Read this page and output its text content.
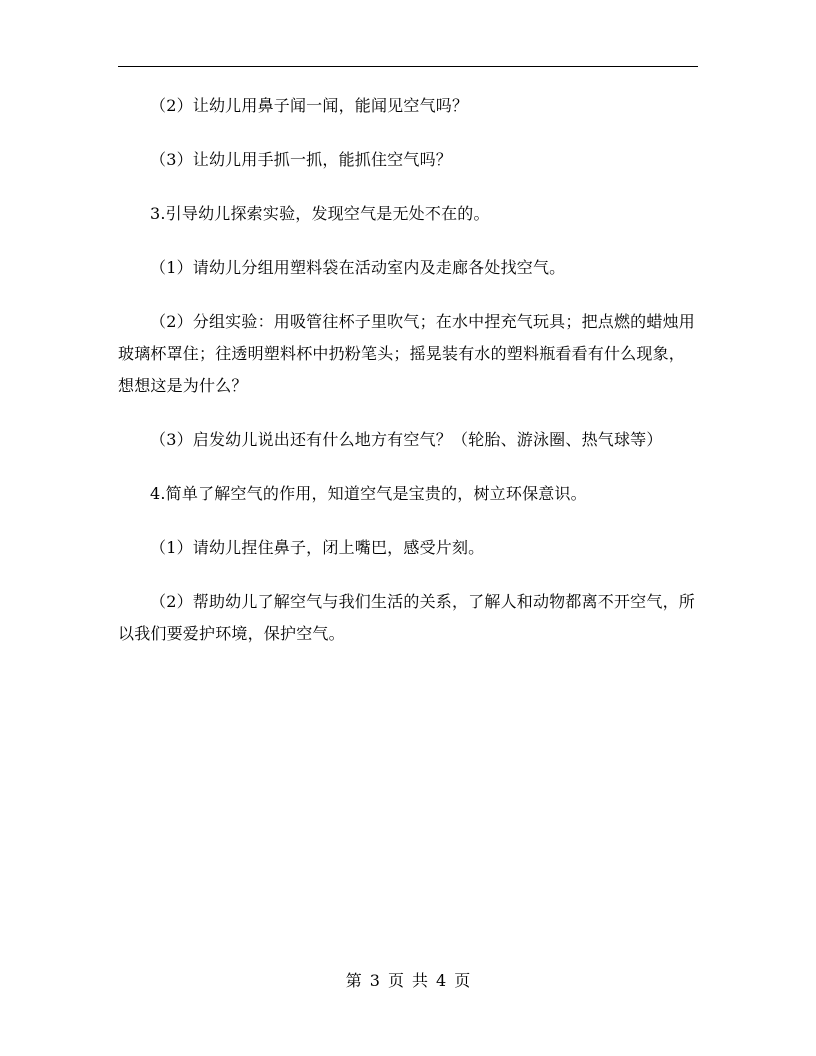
（2）让幼儿用鼻子闻一闻，能闻见空气吗？

（3）让幼儿用手抓一抓，能抓住空气吗？

3.引导幼儿探索实验，发现空气是无处不在的。

（1）请幼儿分组用塑料袋在活动室内及走廊各处找空气。

（2）分组实验：用吸管往杯子里吹气；在水中捏充气玩具；把点燃的蜡烛用玻璃杯罩住；往透明塑料杯中扔粉笔头；摇晃装有水的塑料瓶看看有什么现象，想想这是为什么？

（3）启发幼儿说出还有什么地方有空气？（轮胎、游泳圈、热气球等）

4.简单了解空气的作用，知道空气是宝贵的，树立环保意识。

（1）请幼儿捏住鼻子，闭上嘴巴，感受片刻。

（2）帮助幼儿了解空气与我们生活的关系，了解人和动物都离不开空气，所以我们要爱护环境，保护空气。

第 3 页 共 4 页
